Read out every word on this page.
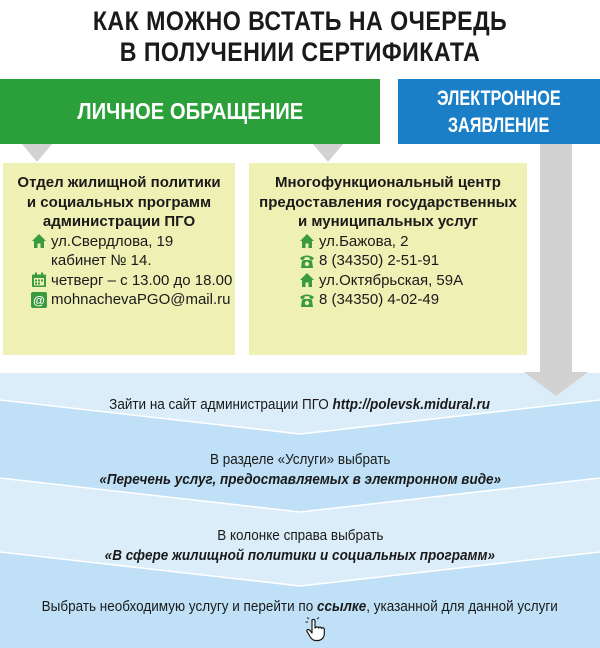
КАК МОЖНО ВСТАТЬ НА ОЧЕРЕДЬ
В ПОЛУЧЕНИИ СЕРТИФИКАТА
ЛИЧНОЕ ОБРАЩЕНИЕ	ЭЛЕКТРОННОЕ
ЗАЯВЛЕНИЕ
Отдел жилищной политики
и социальных программ
администрации ПГО
ул.Свердлова, 19
кабинет № 14.
четверг – с 13.00 до 18.00
@ mohnachevaPGO@mail.ru
Многофункциональный центр
предоставления государственных
и муниципальных услуг
ул.Бажова, 2
8 (34350) 2-51-91
ул.Октябрьская, 59А
8 (34350) 4-02-49
Зайти на сайт администрации ПГО http://polevsk.midural.ru
В разделе «Услуги» выбрать
«Перечень услуг, предоставляемых в электронном виде»
В колонке справа выбрать
«В сфере жилищной политики и социальных программ»
Выбрать необходимую услугу и перейти по ссылке, указанной для данной услуги
